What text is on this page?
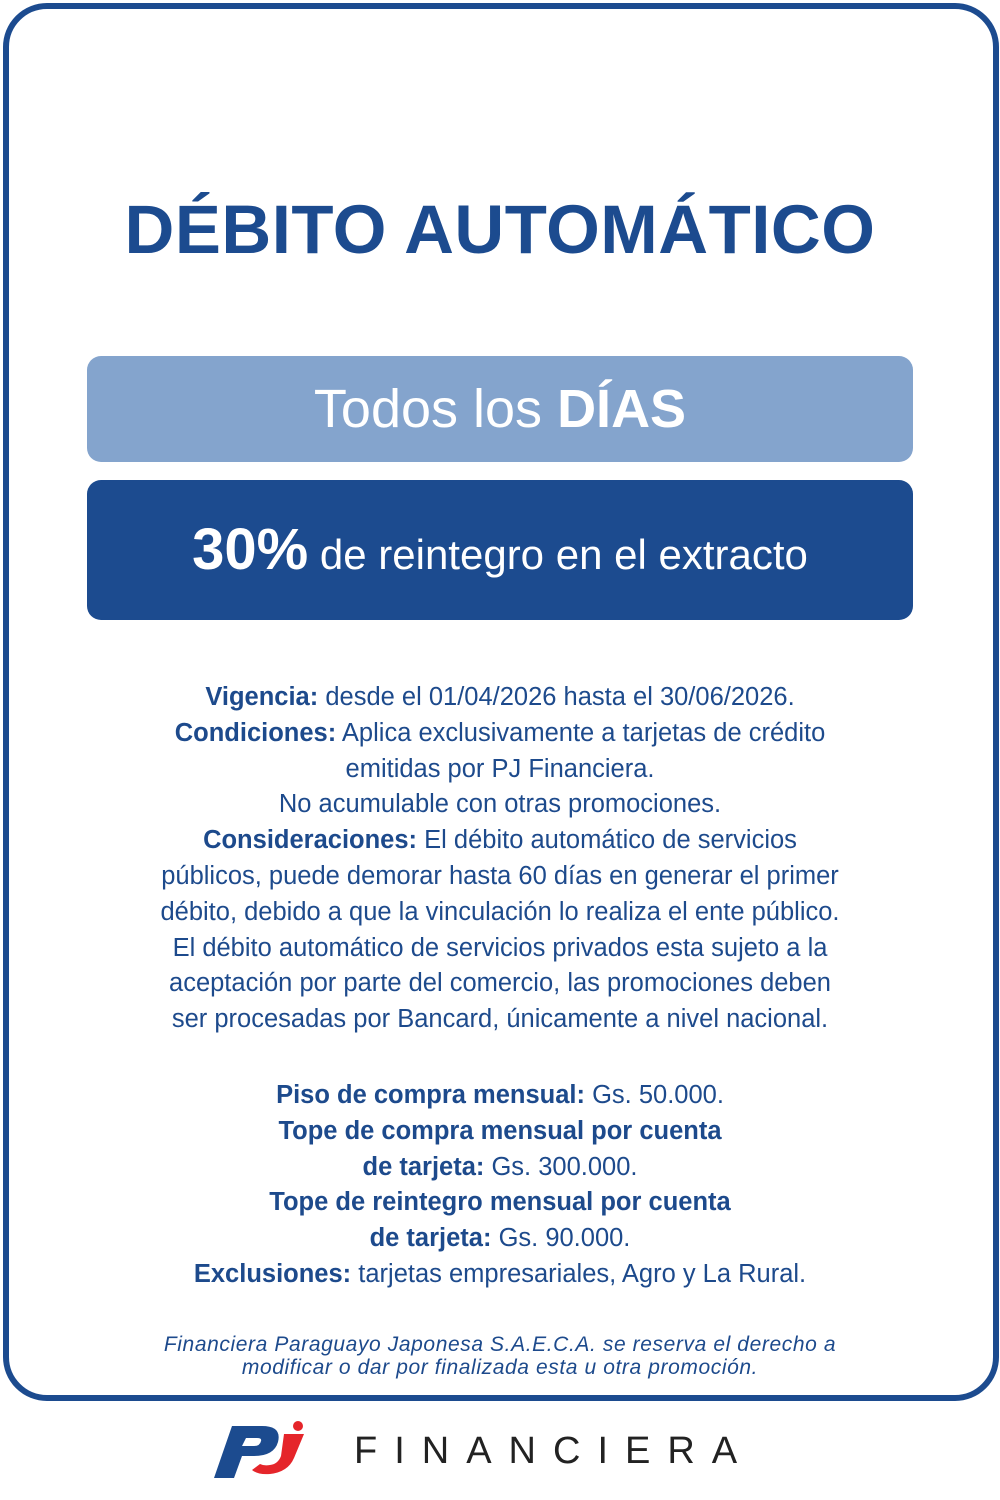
DÉBITO AUTOMÁTICO
Todos los DÍAS
30% de reintegro en el extracto

Vigencia: desde el 01/04/2026 hasta el 30/06/2026.

Condiciones: Aplica exclusivamente a tarjetas de crédito

emitidas por PJ Financiera.

No acumulable con otras promociones.

Consideraciones: El débito automático de servicios

públicos, puede demorar hasta 60 días en generar el primer

débito, debido a que la vinculación lo realiza el ente público.

El débito automático de servicios privados esta sujeto a la

aceptación por parte del comercio, las promociones deben

ser procesadas por Bancard, únicamente a nivel nacional.

Piso de compra mensual: Gs. 50.000.

Tope de compra mensual por cuenta

de tarjeta: Gs. 300.000.

Tope de reintegro mensual por cuenta

de tarjeta: Gs. 90.000.

Exclusiones: tarjetas empresariales, Agro y La Rural.

Financiera Paraguayo Japonesa S.A.E.C.A. se reserva el derecho a
modificar o dar por finalizada esta u otra promoción.
FINANCIERA
